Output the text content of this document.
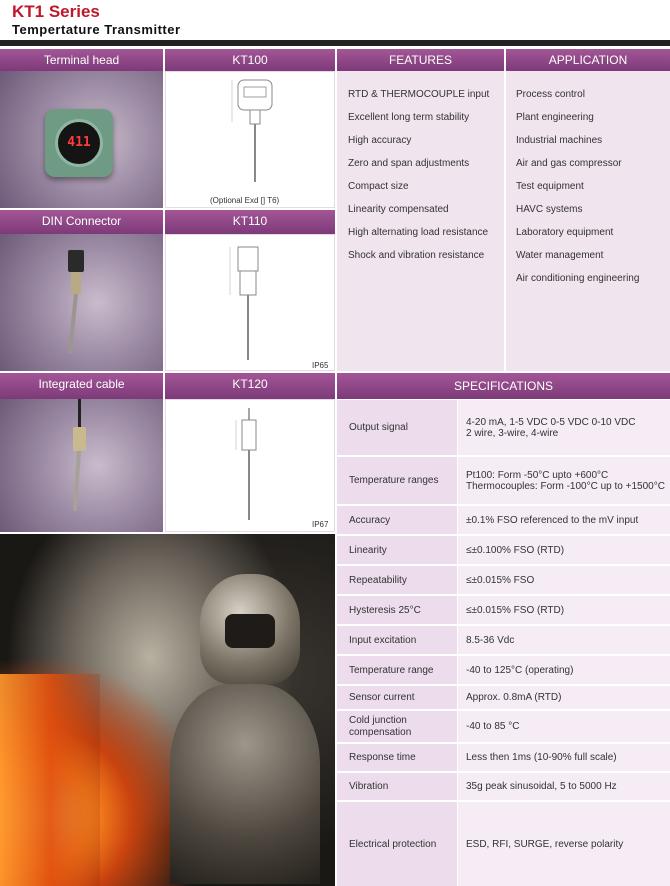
KT1 Series
Tempertature Transmitter
Terminal head
411
KT100
(Optional Exd [] T6)
DIN Connector	KT110
IP65
FEATURES	APPLICATION
RTD & THERMOCOUPLE input
Excellent long term stability
High accuracy
Zero and span adjustments
Compact size
Linearity compensated
High alternating load resistance
Shock and vibration resistance
Process control
Plant engineering
Industrial machines
Air and gas compressor
Test equipment
HAVC systems
Laboratory equipment
Water management
Air conditioning engineering
Integrated cable	KT120
IP67
SPECIFICATIONS
Output signal	4-20 mA, 1-5 VDC 0-5 VDC 0-10 VDC
2 wire, 3-wire, 4-wire
Temperature ranges	Pt100: Form -50°C upto +600°C
Thermocouples: Form -100°C up to +1500°C
Accuracy	±0.1% FSO referenced to the mV input
Linearity	≤±0.100% FSO (RTD)
Repeatability	≤±0.015% FSO
Hysteresis 25°C	≤±0.015% FSO (RTD)
Input excitation	8.5-36 Vdc
Temperature range	-40 to 125°C (operating)
Sensor current	Approx. 0.8mA (RTD)
Cold junction
compensation	-40 to 85 °C
Response time	Less then 1ms (10-90% full scale)
Vibration	35g peak sinusoidal, 5 to 5000 Hz
Electrical protection	ESD, RFI, SURGE, reverse polarity
